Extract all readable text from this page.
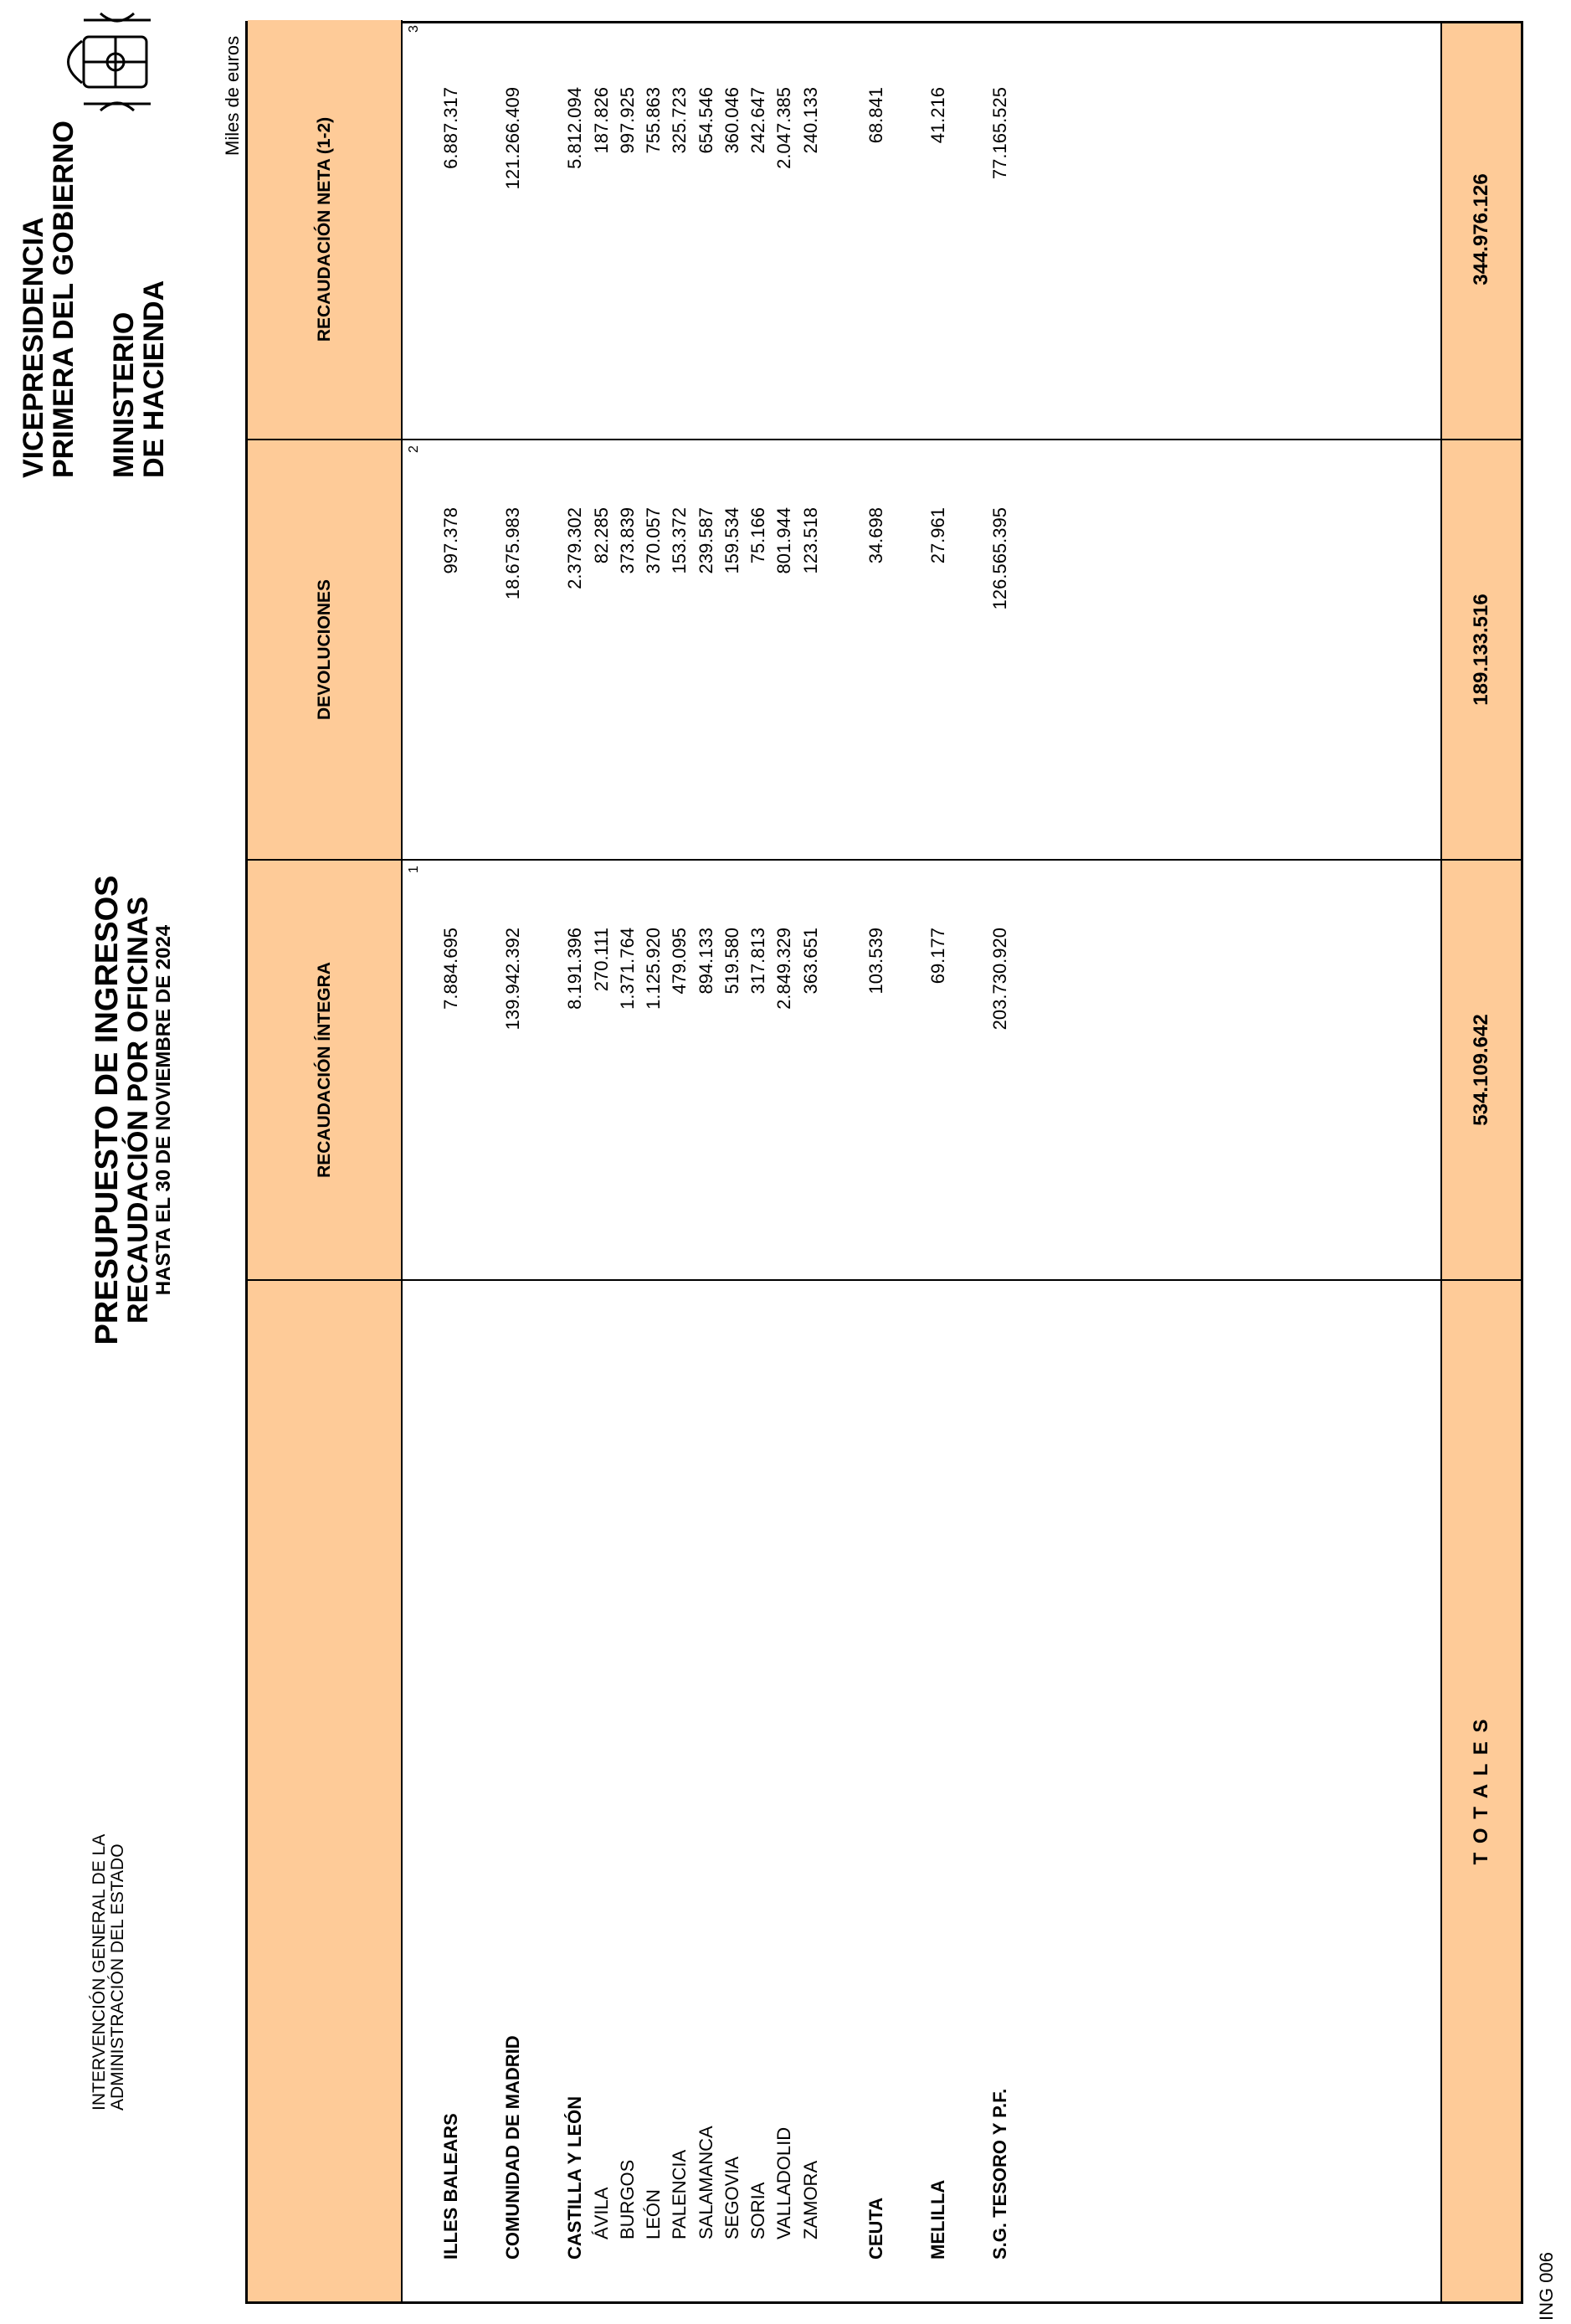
VICEPRESIDENCIA
PRIMERA DEL GOBIERNO MINISTERIO
DE HACIENDA
PRESUPUESTO DE INGRESOS
RECAUDACIÓN POR OFICINAS
HASTA EL 30 DE NOVIEMBRE DE 2024
INTERVENCIÓN GENERAL DE LA ADMINISTRACIÓN DEL ESTADO
Miles de euros
RECAUDACIÓN ÍNTEGRA
DEVOLUCIONES
RECAUDACIÓN NETA (1-2)
1
2
3
ILLES BALEARS
7.884.695
997.378
6.887.317
COMUNIDAD DE MADRID
139.942.392
18.675.983
121.266.409
CASTILLA Y LEÓN
8.191.396
2.379.302
5.812.094
ÁVILA
270.111
82.285
187.826
BURGOS
1.371.764
373.839
997.925
LEÓN
1.125.920
370.057
755.863
PALENCIA
479.095
153.372
325.723
SALAMANCA
894.133
239.587
654.546
SEGOVIA
519.580
159.534
360.046
SORIA
317.813
75.166
242.647
VALLADOLID
2.849.329
801.944
2.047.385
ZAMORA
363.651
123.518
240.133
CEUTA
103.539
34.698
68.841
MELILLA
69.177
27.961
41.216
S.G. TESORO Y P.F.
203.730.920
126.565.395
77.165.525
T O T A L E S
534.109.642
189.133.516
344.976.126
ING 006
